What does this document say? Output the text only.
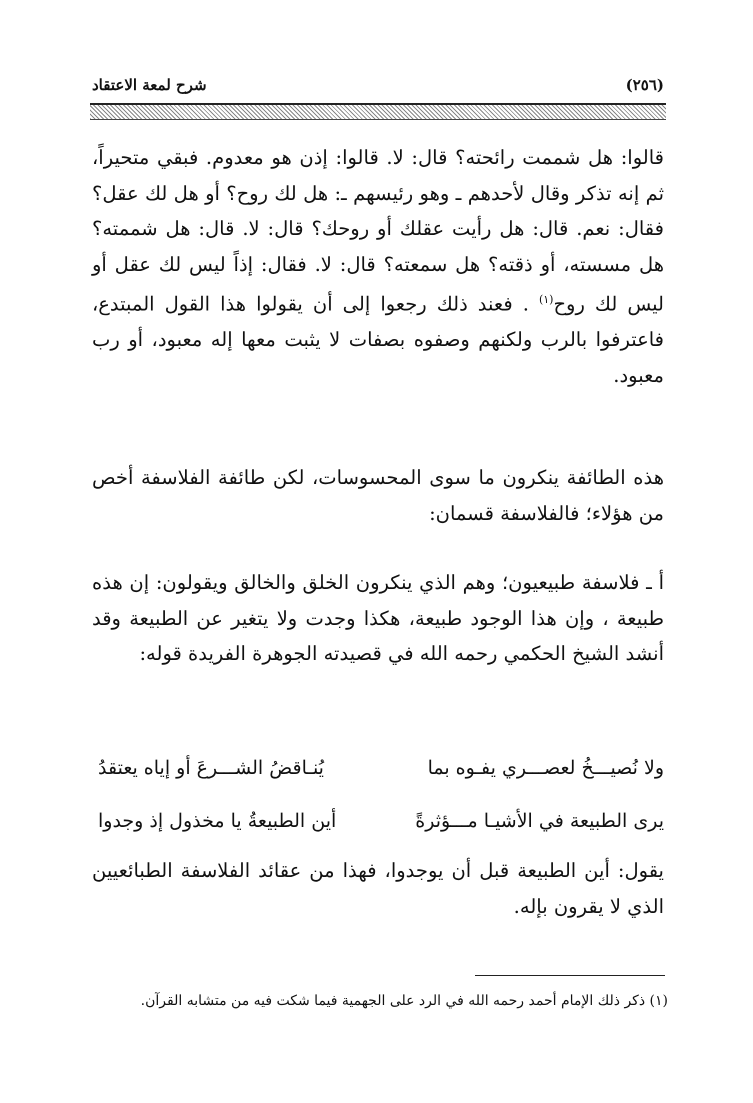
(٢٥٦)
شرح لمعة الاعتقاد
قالوا: هل شممت رائحته؟ قال: لا. قالوا: إذن هو معدوم. فبقي متحيراً، ثم إنه تذكر وقال لأحدهم ـ وهو رئيسهم ـ: هل لك روح؟ أو هل لك عقل؟ فقال: نعم. قال: هل رأيت عقلك أو روحك؟ قال: لا. قال: هل شممته؟ هل مسسته، أو ذقته؟ هل سمعته؟ قال: لا. فقال: إذاً ليس لك عقل أو ليس لك روح$^{(١)}$ . فعند ذلك رجعوا إلى أن يقولوا هذا القول المبتدع، فاعترفوا بالرب ولكنهم وصفوه بصفات لا يثبت معها إله معبود، أو رب معبود.
هذه الطائفة ينكرون ما سوى المحسوسات، لكن طائفة الفلاسفة أخص من هؤلاء؛ فالفلاسفة قسمان:
أ ـ فلاسفة طبيعيون؛ وهم الذي ينكرون الخلق والخالق ويقولون: إن هذه طبيعة ، وإن هذا الوجود طبيعة، هكذا وجدت ولا يتغير عن الطبيعة وقد أنشد الشيخ الحكمي رحمه الله في قصيدته الجوهرة الفريدة قوله:
ولا نُصيـــخُ لعصـــري يفـوه بما
يُنـاقضُ الشـــرعَ أو إياه يعتقدُ
يرى الطبيعة في الأشيـا مـــؤثرةً
أين الطبيعةُ يا مخذول إذ وجدوا
يقول: أين الطبيعة قبل أن يوجدوا، فهذا من عقائد الفلاسفة الطبائعيين الذي لا يقرون بإله.
(١) ذكر ذلك الإمام أحمد رحمه الله في الرد على الجهمية فيما شكت فيه من متشابه القرآن.
